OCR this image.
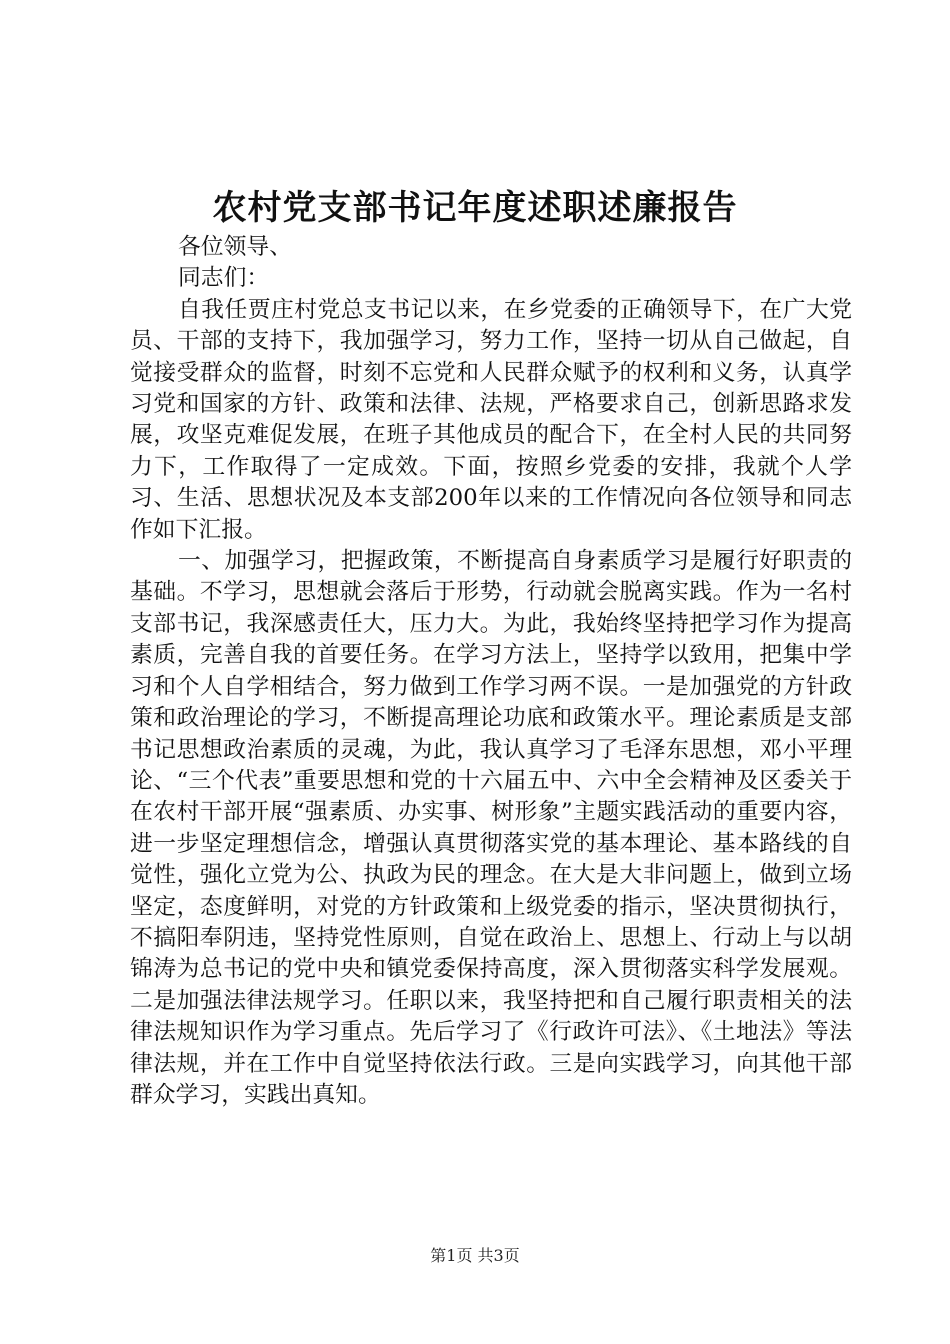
农村党支部书记年度述职述廉报告

各位领导、

同志们：

自我任贾庄村党总支书记以来，在乡党委的正确领导下，在广大党员、干部的支持下，我加强学习，努力工作，坚持一切从自己做起，自觉接受群众的监督，时刻不忘党和人民群众赋予的权利和义务，认真学习党和国家的方针、政策和法律、法规，严格要求自己，创新思路求发展，攻坚克难促发展，在班子其他成员的配合下，在全村人民的共同努力下，工作取得了一定成效。下面，按照乡党委的安排，我就个人学习、生活、思想状况及本支部200年以来的工作情况向各位领导和同志作如下汇报。

一、加强学习，把握政策，不断提高自身素质学习是履行好职责的基础。不学习，思想就会落后于形势，行动就会脱离实践。作为一名村支部书记，我深感责任大，压力大。为此，我始终坚持把学习作为提高素质，完善自我的首要任务。在学习方法上，坚持学以致用，把集中学习和个人自学相结合，努力做到工作学习两不误。一是加强党的方针政策和政治理论的学习，不断提高理论功底和政策水平。理论素质是支部书记思想政治素质的灵魂，为此，我认真学习了毛泽东思想，邓小平理论、“三个代表”重要思想和党的十六届五中、六中全会精神及区委关于在农村干部开展“强素质、办实事、树形象”主题实践活动的重要内容，进一步坚定理想信念，增强认真贯彻落实党的基本理论、基本路线的自觉性，强化立党为公、执政为民的理念。在大是大非问题上，做到立场坚定，态度鲜明，对党的方针政策和上级党委的指示，坚决贯彻执行，不搞阳奉阴违，坚持党性原则，自觉在政治上、思想上、行动上与以胡锦涛为总书记的党中央和镇党委保持高度，深入贯彻落实科学发展观。二是加强法律法规学习。任职以来，我坚持把和自己履行职责相关的法律法规知识作为学习重点。先后学习了《行政许可法》、《土地法》等法律法规，并在工作中自觉坚持依法行政。三是向实践学习，向其他干部群众学习，实践出真知。

第1页 共3页
